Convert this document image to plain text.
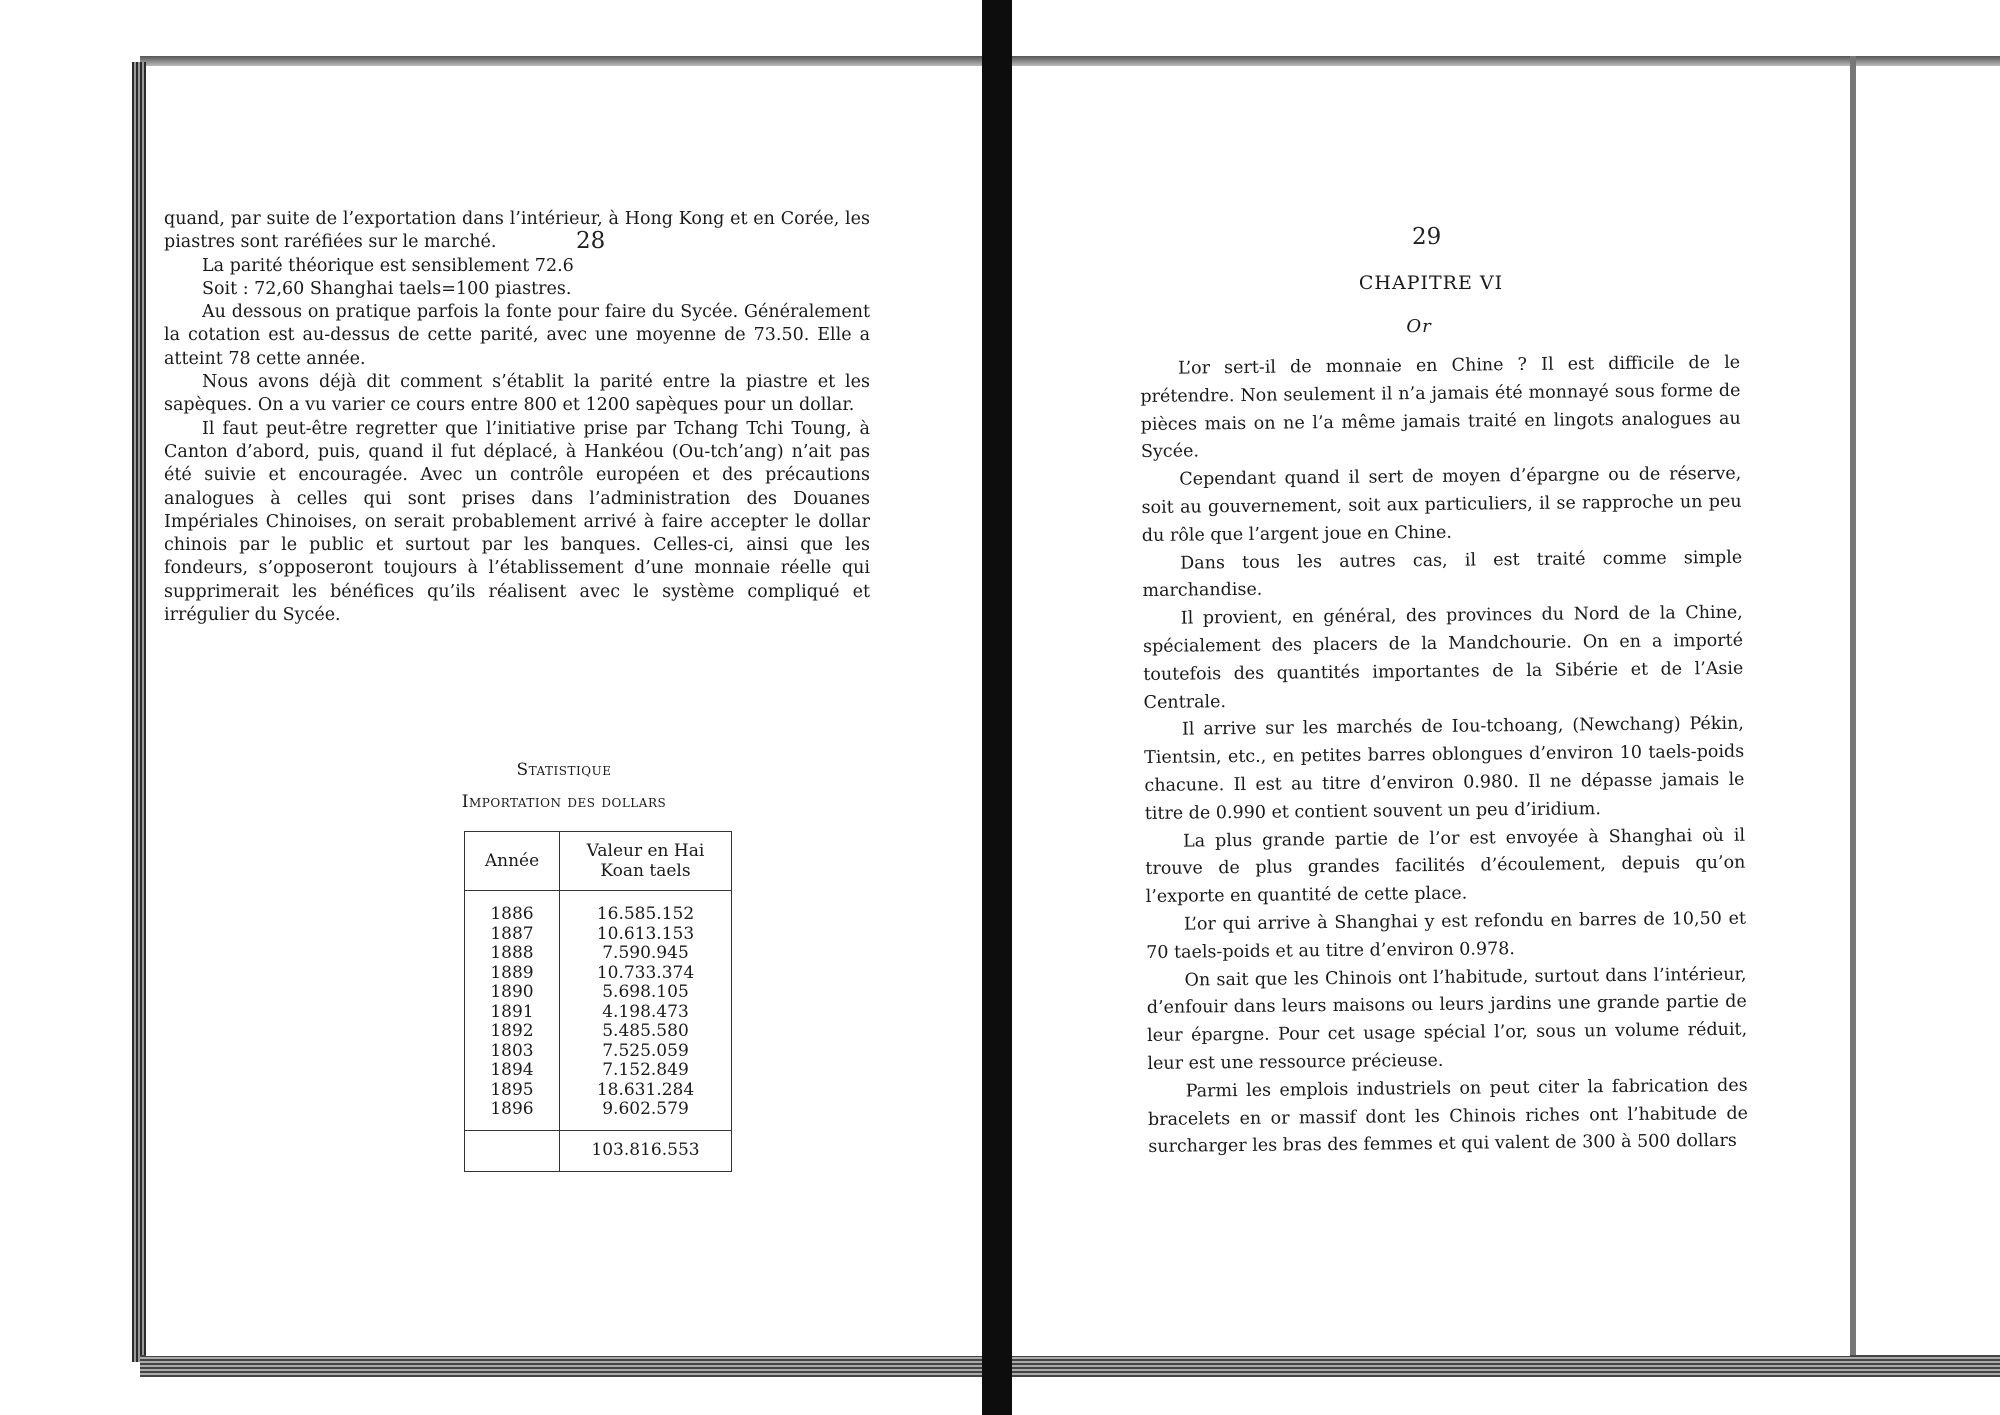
28	29

quand, par suite de l’exportation dans l’intérieur, à Hong Kong et en Corée, les piastres sont raréfiées sur le marché.

La parité théorique est sensiblement 72.6

Soit : 72,60 Shanghai taels=100 piastres.

Au dessous on pratique parfois la fonte pour faire du Sycée. Généralement la cotation est au-dessus de cette parité, avec une moyenne de 73.50. Elle a atteint 78 cette année.

Nous avons déjà dit comment s’établit la parité entre la piastre et les sapèques. On a vu varier ce cours entre 800 et 1200 sapèques pour un dollar.

Il faut peut-être regretter que l’initiative prise par Tchang Tchi Toung, à Canton d’abord, puis, quand il fut déplacé, à Hankéou (Ou-tch’ang) n’ait pas été suivie et encouragée. Avec un contrôle européen et des précautions analogues à celles qui sont prises dans l’administration des Douanes Impériales Chinoises, on serait probablement arrivé à faire accepter le dollar chinois par le public et surtout par les banques. Celles-ci, ainsi que les fondeurs, s’opposeront toujours à l’établissement d’une monnaie réelle qui supprimerait les bénéfices qu’ils réalisent avec le système compliqué et irrégulier du Sycée.

Statistique
Importation des dollars
Année	Valeur en Hai Koan taels
1886	16.585.152
1887	10.613.153
1888	7.590.945
1889	10.733.374
1890	5.698.105
1891	4.198.473
1892	5.485.580
1803	7.525.059
1894	7.152.849
1895	18.631.284
1896	9.602.579
	103.816.553
CHAPITRE VI
Or

L’or sert-il de monnaie en Chine ? Il est difficile de le prétendre. Non seulement il n’a jamais été monnayé sous forme de pièces mais on ne l’a même jamais traité en lingots analogues au Sycée.

Cependant quand il sert de moyen d’épargne ou de réserve, soit au gouvernement, soit aux particuliers, il se rapproche un peu du rôle que l’argent joue en Chine.

Dans tous les autres cas, il est traité comme simple marchandise.

Il provient, en général, des provinces du Nord de la Chine, spécialement des placers de la Mandchourie. On en a importé toutefois des quantités importantes de la Sibérie et de l’Asie Centrale.

Il arrive sur les marchés de Iou-tchoang, (Newchang) Pékin, Tientsin, etc., en petites barres oblongues d’environ 10 taels-poids chacune. Il est au titre d’environ 0.980. Il ne dépasse jamais le titre de 0.990 et contient souvent un peu d’iridium.

La plus grande partie de l’or est envoyée à Shanghai où il trouve de plus grandes facilités d’écoulement, depuis qu’on l’exporte en quantité de cette place.

L’or qui arrive à Shanghai y est refondu en barres de 10,50 et 70 taels-poids et au titre d’environ 0.978.

On sait que les Chinois ont l’habitude, surtout dans l’intérieur, d’enfouir dans leurs maisons ou leurs jardins une grande partie de leur épargne. Pour cet usage spécial l’or, sous un volume réduit, leur est une ressource précieuse.

Parmi les emplois industriels on peut citer la fabrication des bracelets en or massif dont les Chinois riches ont l’habitude de surcharger les bras des femmes et qui valent de 300 à 500 dollars
